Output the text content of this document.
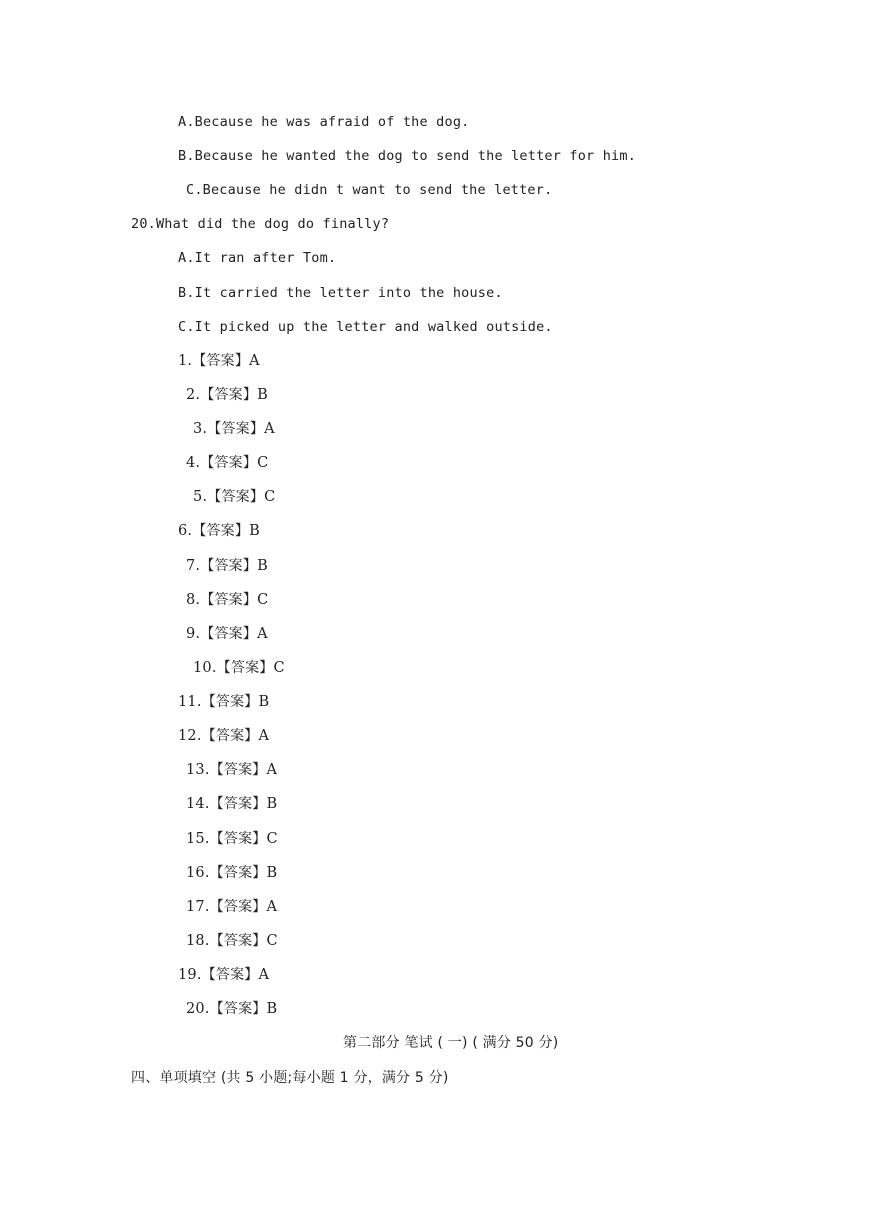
A.Because he was afraid of the dog.
B.Because he wanted the dog to send the letter for him.
C.Because he didn t want to send the letter.
20.What did the dog do finally?
A.It ran after Tom.
B.It carried the letter into the house.
C.It picked up the letter and walked outside.
1.【答案】A
2.【答案】B
3.【答案】A
4.【答案】C
5.【答案】C
6.【答案】B
7.【答案】B
8.【答案】C
9.【答案】A
10.【答案】C
11.【答案】B
12.【答案】A
13.【答案】A
14.【答案】B
15.【答案】C
16.【答案】B
17.【答案】A
18.【答案】C
19.【答案】A
20.【答案】B
第二部分 笔试 ( 一) ( 满分 50 分)
四、单项填空 (共 5 小题;每小题 1 分，满分 5 分)
